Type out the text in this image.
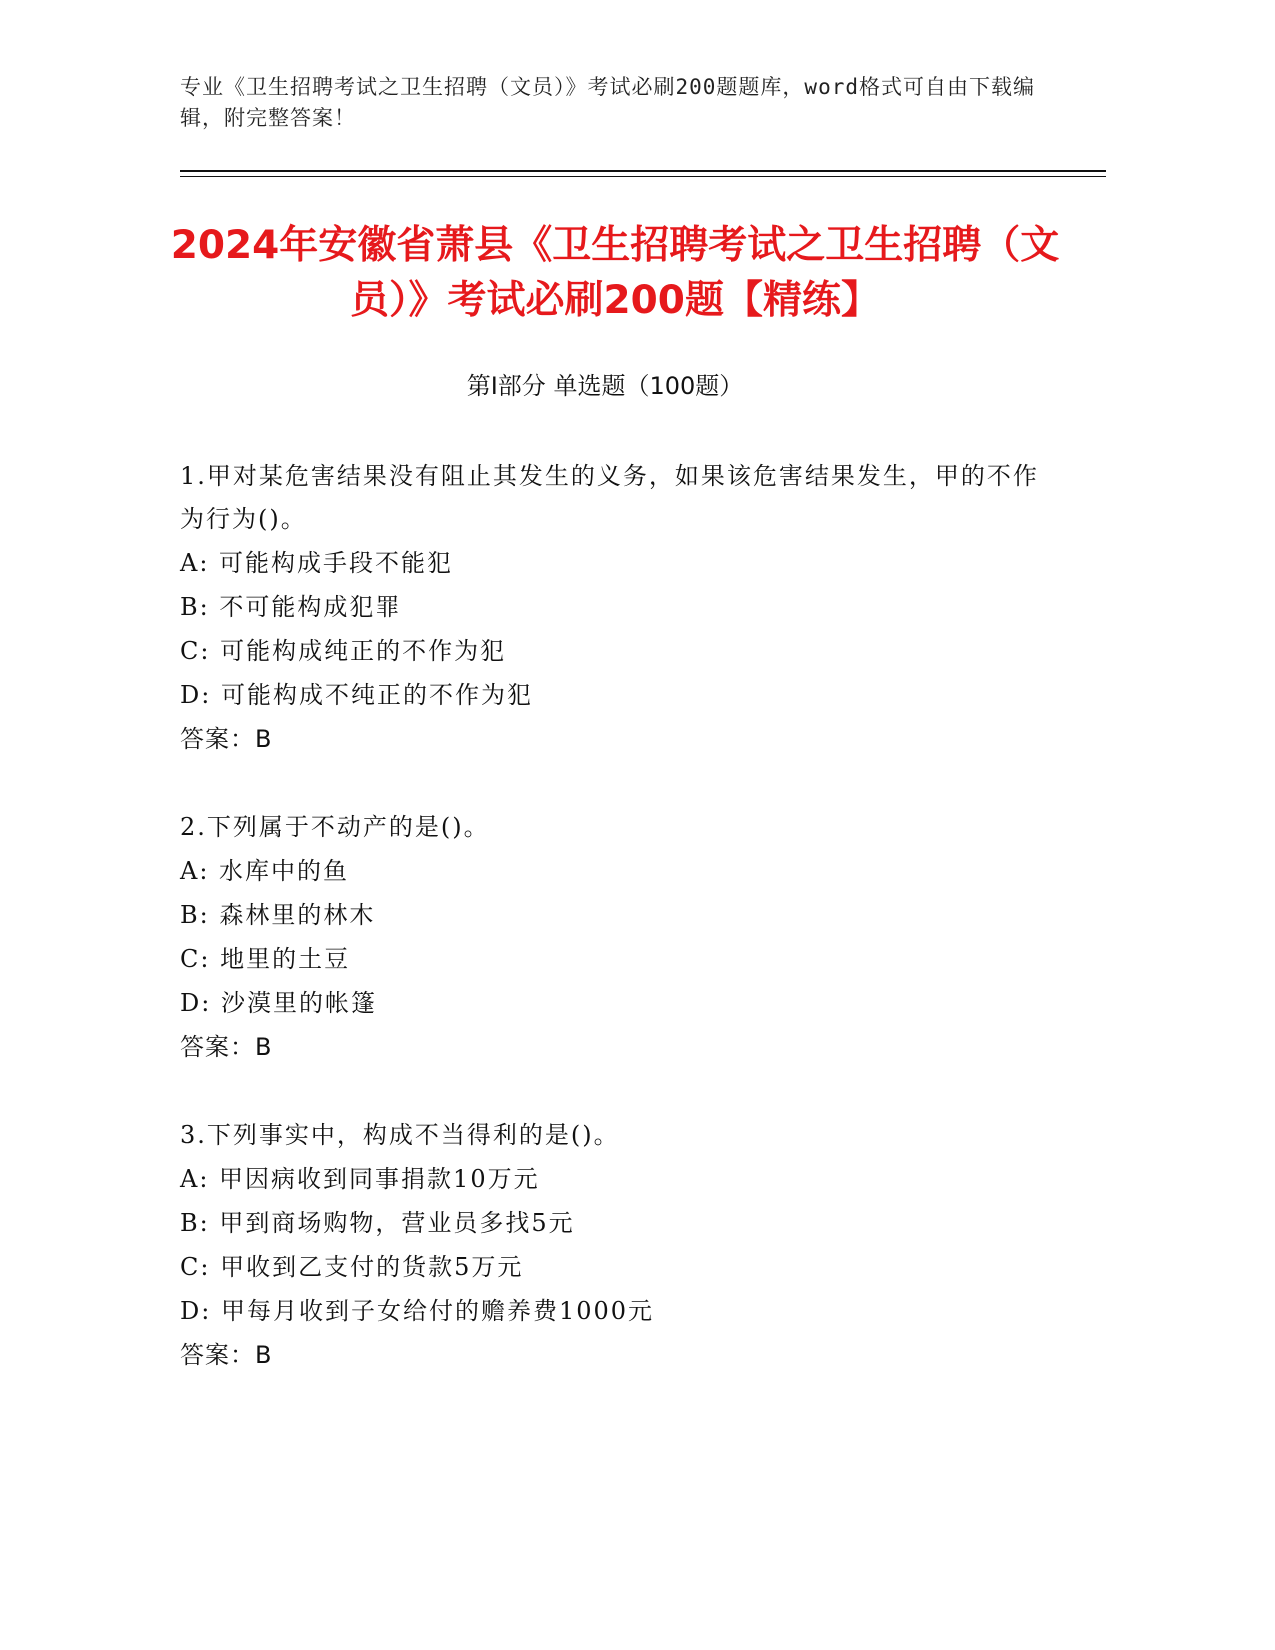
专业《卫生招聘考试之卫生招聘（文员）》考试必刷200题题库，word格式可自由下载编辑，附完整答案！
2024年安徽省萧县《卫生招聘考试之卫生招聘（文员）》考试必刷200题【精练】
第I部分 单选题（100题）
1.甲对某危害结果没有阻止其发生的义务，如果该危害结果发生，甲的不作为行为()。
A: 可能构成手段不能犯
B: 不可能构成犯罪
C: 可能构成纯正的不作为犯
D: 可能构成不纯正的不作为犯
答案：B
2.下列属于不动产的是()。
A: 水库中的鱼
B: 森林里的林木
C: 地里的土豆
D: 沙漠里的帐篷
答案：B
3.下列事实中，构成不当得利的是()。
A: 甲因病收到同事捐款10万元
B: 甲到商场购物，营业员多找5元
C: 甲收到乙支付的货款5万元
D: 甲每月收到子女给付的赡养费1000元
答案：B
